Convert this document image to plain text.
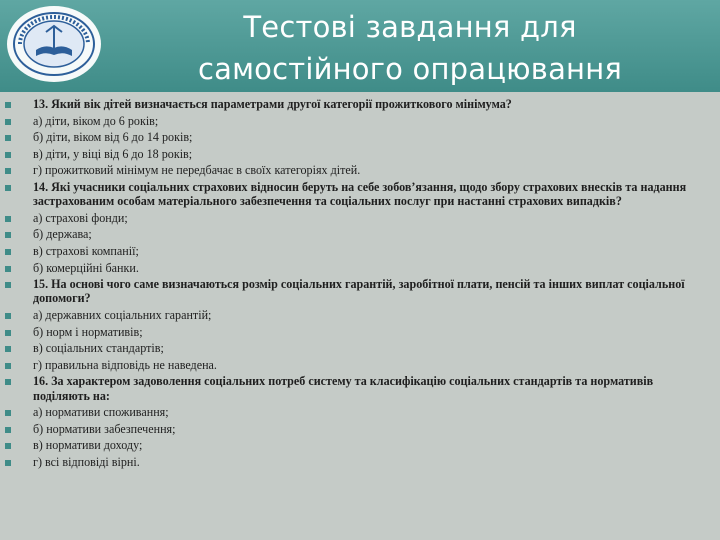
Тестові завдання для
самостійного опрацювання
13. Який вік дітей визначається параметрами другої категорії прожиткового мінімума?
а) діти, віком до 6 років;
б) діти, віком від 6 до 14 років;
в) діти, у віці від 6 до 18 років;
г) прожитковий мінімум не передбачає в своїх категоріях дітей.
14. Які учасники соціальних страхових відносин беруть на себе зобов’язання, щодо збору страхових внесків та надання застрахованим особам матеріального забезпечення та соціальних послуг при настанні страхових випадків?
а) страхові фонди;
б) держава;
в) страхові компанії;
б) комерційні банки.
15. На основі чого саме визначаються розмір соціальних гарантій, заробітної плати, пенсій та інших виплат соціальної допомоги?
а) державних соціальних гарантій;
б) норм і нормативів;
в) соціальних стандартів;
г) правильна відповідь не наведена.
16. За характером задоволення соціальних потреб систему та класифікацію соціальних стандартів та нормативів поділяють на:
а) нормативи споживання;
б) нормативи забезпечення;
в) нормативи доходу;
г) всі відповіді вірні.
